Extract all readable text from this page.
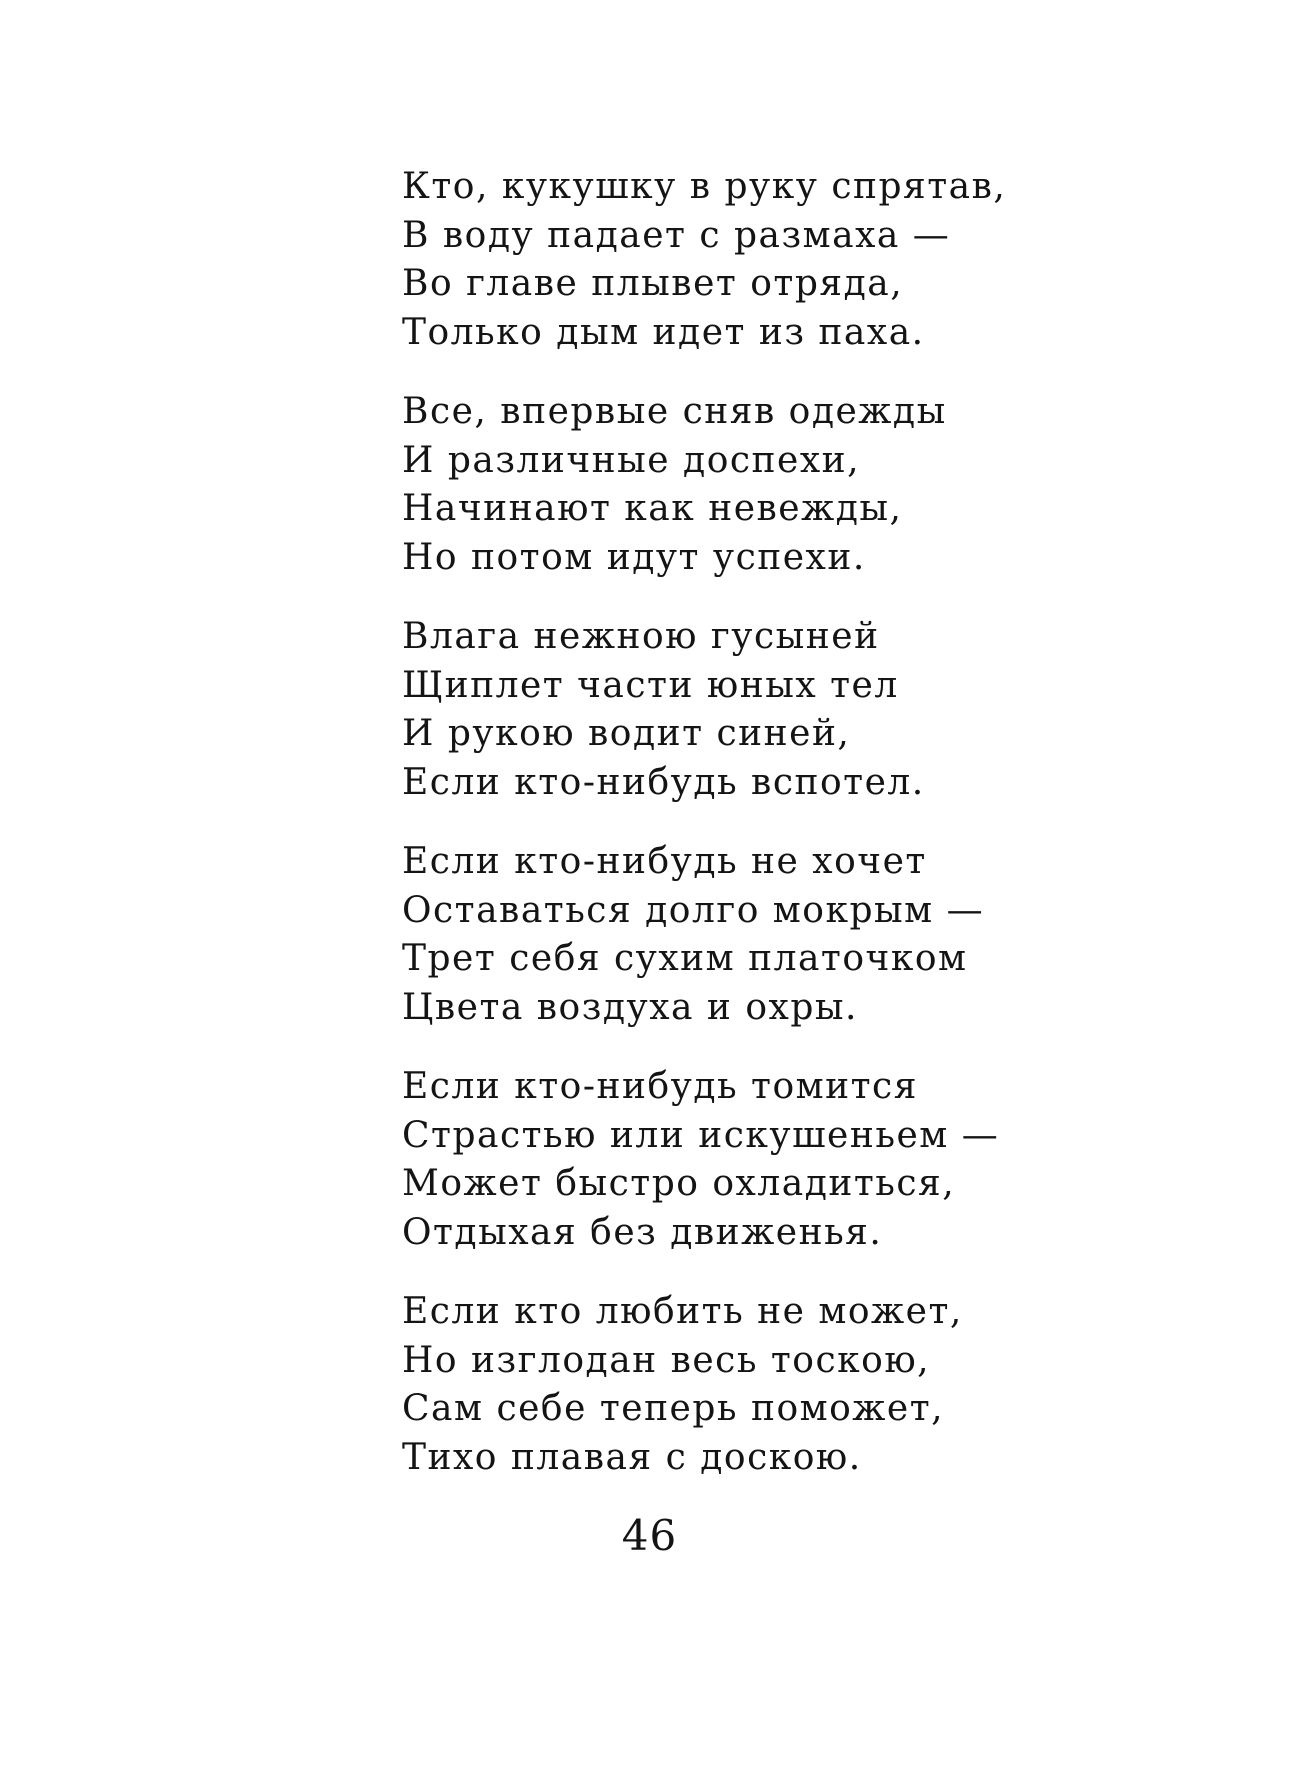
Кто, кукушку в руку спрятав,
В воду падает с размаха —
Во главе плывет отряда,
Только дым идет из паха.
Все, впервые сняв одежды
И различные доспехи,
Начинают как невежды,
Но потом идут успехи.
Влага нежною гусыней
Щиплет части юных тел
И рукою водит синей,
Если кто-нибудь вспотел.
Если кто-нибудь не хочет
Оставаться долго мокрым —
Трет себя сухим платочком
Цвета воздуха и охры.
Если кто-нибудь томится
Страстью или искушеньем —
Может быстро охладиться,
Отдыхая без движенья.
Если кто любить не может,
Но изглодан весь тоскою,
Сам себе теперь поможет,
Тихо плавая с доскою.
46
